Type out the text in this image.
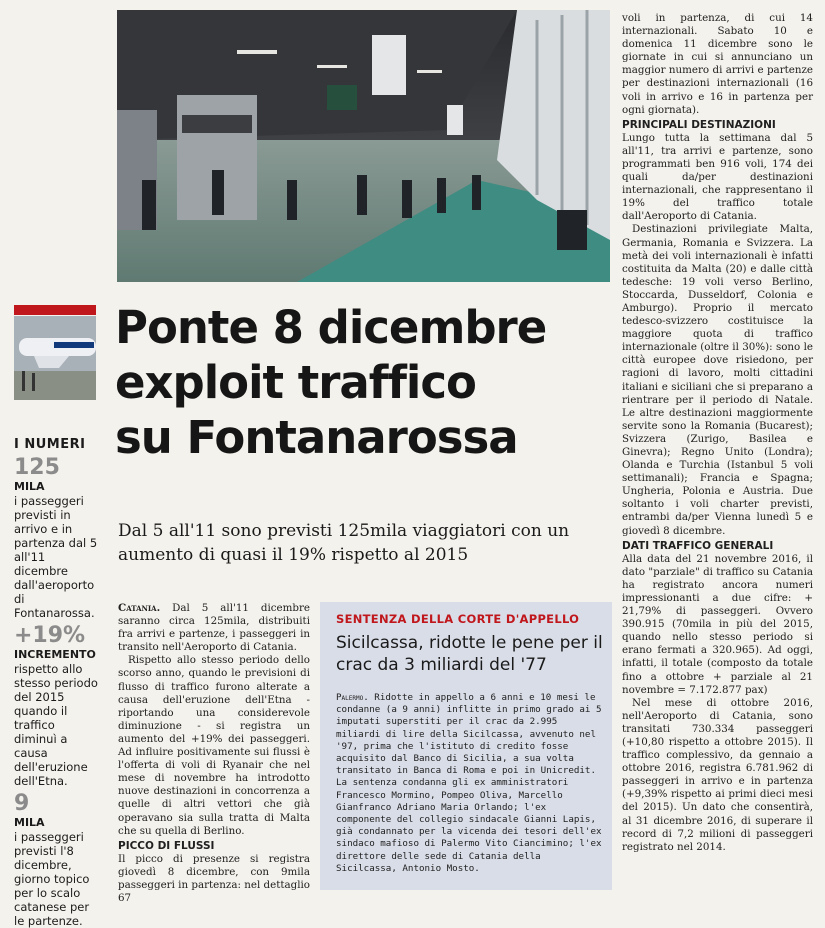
I NUMERI
125
MILA
i passeggeri previsti in arrivo e in partenza dal 5 all'11 dicembre dall'aeroporto di Fontanarossa.
+19%
INCREMENTO
rispetto allo stesso periodo del 2015 quando il traffico diminuì a causa dell'eruzione dell'Etna.
9
MILA
i passeggeri previsti l'8 dicembre, giorno topico per lo scalo catanese per le partenze.
Ponte 8 dicembre
exploit traffico
su Fontanarossa
Dal 5 all'11 sono previsti 125mila viaggiatori con un aumento di quasi il 19% rispetto al 2015

Catania. Dal 5 all'11 dicembre saranno circa 125mila, distribuiti fra arrivi e partenze, i passeggeri in transito nell'Aeroporto di Catania.

Rispetto allo stesso periodo dello scorso anno, quando le previsioni di flusso di traffico furono alterate a causa dell'eruzione dell'Etna - riportando una considerevole diminuzione - si registra un aumento del +19% dei passeggeri. Ad influire positivamente sui flussi è l'offerta di voli di Ryanair che nel mese di novembre ha introdotto nuove destinazioni in concorrenza a quelle di altri vettori che già operavano sia sulla tratta di Malta che su quella di Berlino.

PICCO DI FLUSSI

Il picco di presenze si registra giovedì 8 dicembre, con 9mila passeggeri in partenza: nel dettaglio 67

SENTENZA DELLA CORTE D'APPELLO
Sicilcassa, ridotte le pene per il crac da 3 miliardi del '77

Palermo. Ridotte in appello a 6 anni e 10 mesi le condanne (a 9 anni) inflitte in primo grado ai 5 imputati superstiti per il crac da 2.995 miliardi di lire della Sicilcassa, avvenuto nel '97, prima che l'istituto di credito fosse acquisito dal Banco di Sicilia, a sua volta transitato in Banca di Roma e poi in Unicredit.

La sentenza condanna gli ex amministratori Francesco Mormino, Pompeo Oliva, Marcello Gianfranco Adriano Maria Orlando; l'ex componente del collegio sindacale Gianni Lapis, già condannato per la vicenda dei tesori dell'ex sindaco mafioso di Palermo Vito Ciancimino; l'ex direttore delle sede di Catania della Sicilcassa, Antonio Mosto.

voli in partenza, di cui 14 internazionali. Sabato 10 e domenica 11 dicembre sono le giornate in cui si annunciano un maggior numero di arrivi e partenze per destinazioni internazionali (16 voli in arrivo e 16 in partenza per ogni giornata).

PRINCIPALI DESTINAZIONI

Lungo tutta la settimana dal 5 all'11, tra arrivi e partenze, sono programmati ben 916 voli, 174 dei quali da/per destinazioni internazionali, che rappresentano il 19% del traffico totale dall'Aeroporto di Catania.

Destinazioni privilegiate Malta, Germania, Romania e Svizzera. La metà dei voli internazionali è infatti costituita da Malta (20) e dalle città tedesche: 19 voli verso Berlino, Stoccarda, Dusseldorf, Colonia e Amburgo). Proprio il mercato tedesco-svizzero costituisce la maggiore quota di traffico internazionale (oltre il 30%): sono le città europee dove risiedono, per ragioni di lavoro, molti cittadini italiani e siciliani che si preparano a rientrare per il periodo di Natale. Le altre destinazioni maggiormente servite sono la Romania (Bucarest); Svizzera (Zurigo, Basilea e Ginevra); Regno Unito (Londra); Olanda e Turchia (Istanbul 5 voli settimanali); Francia e Spagna; Ungheria, Polonia e Austria. Due soltanto i voli charter previsti, entrambi da/per Vienna lunedì 5 e giovedì 8 dicembre.

DATI TRAFFICO GENERALI

Alla data del 21 novembre 2016, il dato "parziale" di traffico su Catania ha registrato ancora numeri impressionanti a due cifre: + 21,79% di passeggeri. Ovvero 390.915 (70mila in più del 2015, quando nello stesso periodo si erano fermati a 320.965). Ad oggi, infatti, il totale (composto da totale fino a ottobre + parziale al 21 novembre = 7.172.877 pax)

Nel mese di ottobre 2016, nell'Aeroporto di Catania, sono transitati 730.334 passeggeri (+10,80 rispetto a ottobre 2015). Il traffico complessivo, da gennaio a ottobre 2016, registra 6.781.962 di passeggeri in arrivo e in partenza (+9,39% rispetto ai primi dieci mesi del 2015). Un dato che consentirà, al 31 dicembre 2016, di superare il record di 7,2 milioni di passeggeri registrato nel 2014.
